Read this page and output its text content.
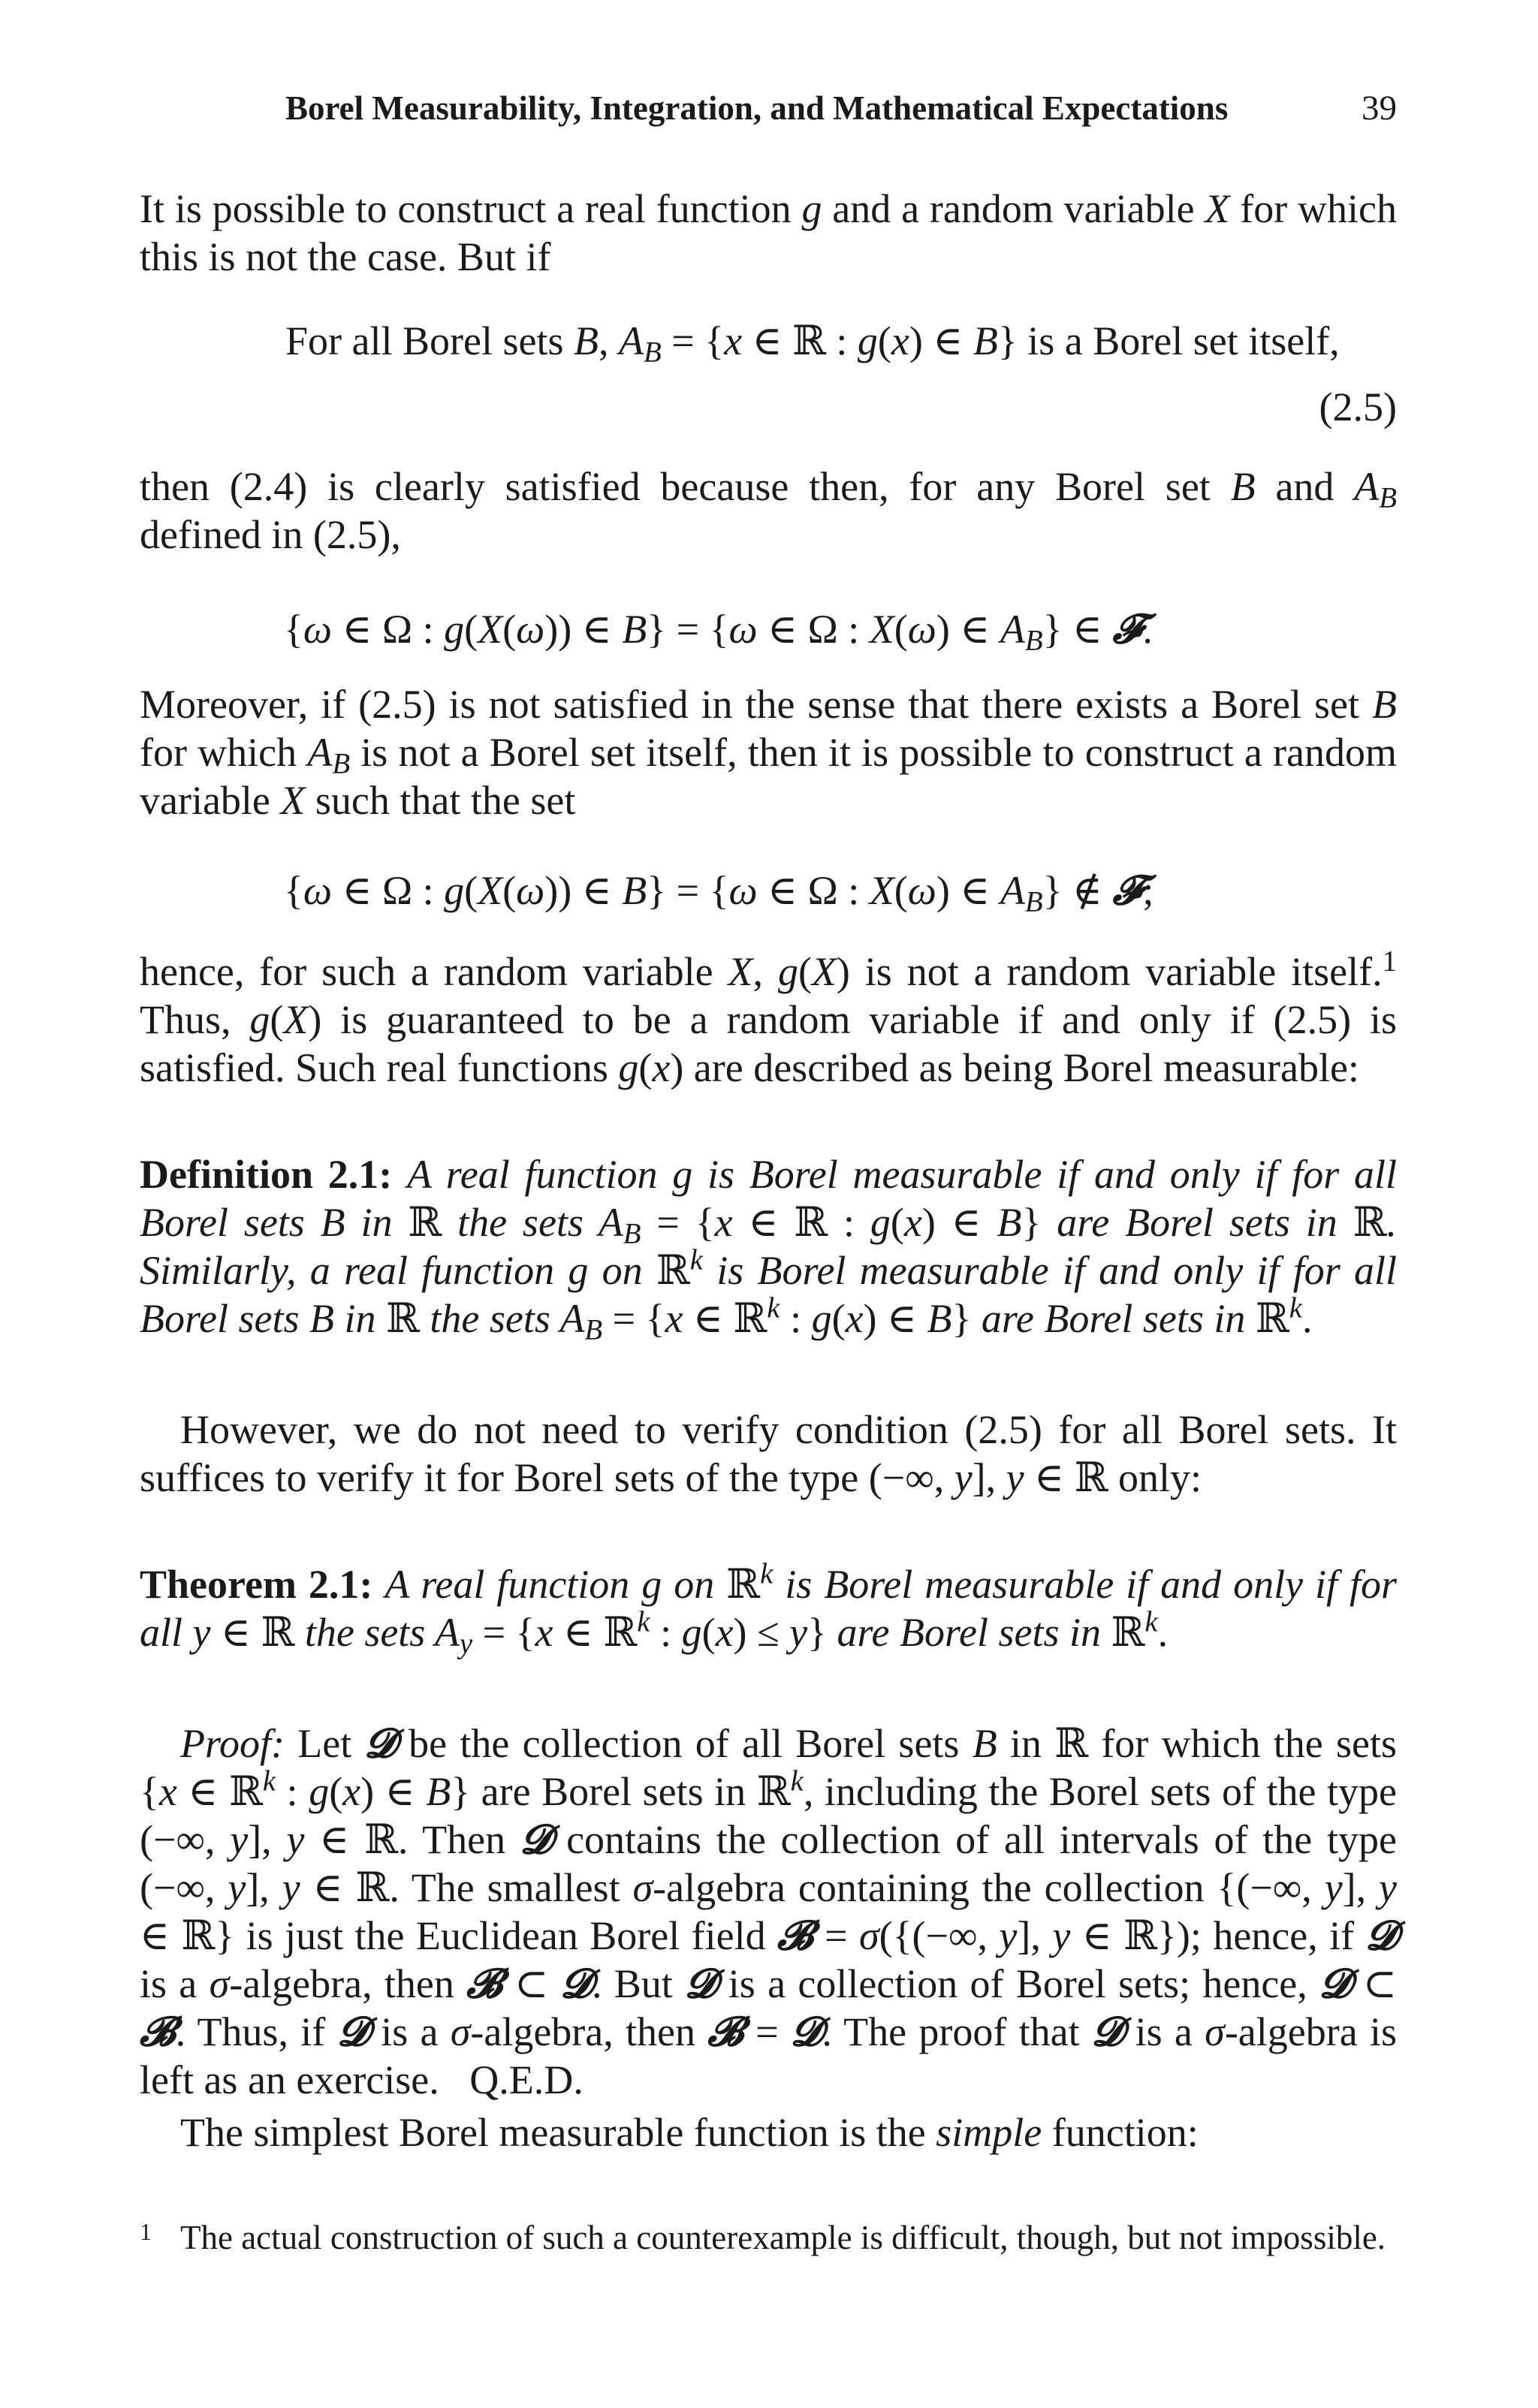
Borel Measurability, Integration, and Mathematical Expectations	39
It is possible to construct a real function g and a random variable X for which this is not the case. But if
For all Borel sets B, $A_B = \{x$ ∈ ℝ : g(x) ∈ B} is a Borel set itself,
(2.5)
then (2.4) is clearly satisfied because then, for any Borel set B and $A_B$ defined in (2.5),
{ω ∈ Ω : g(X(ω)) ∈ B} = {ω ∈ Ω : X(ω) ∈ $A_B$} ∈ 𝓕.
Moreover, if (2.5) is not satisfied in the sense that there exists a Borel set B for which $A_B$ is not a Borel set itself, then it is possible to construct a random variable X such that the set
{ω ∈ Ω : g(X(ω)) ∈ B} = {ω ∈ Ω : X(ω) ∈ $A_B$} ∉ 𝓕;
hence, for such a random variable X, g(X) is not a random variable itself.$^1$ Thus, g(X) is guaranteed to be a random variable if and only if (2.5) is satisfied. Such real functions g(x) are described as being Borel measurable:
Definition 2.1: A real function g is Borel measurable if and only if for all Borel sets B in ℝ the sets $A_B = \{x$ ∈ ℝ : g(x) ∈ B} are Borel sets in ℝ. Similarly, a real function g on ℝ$^k$ is Borel measurable if and only if for all Borel sets B in ℝ the sets $A_B = \{x$ ∈ ℝ$^k$ : g(x) ∈ B} are Borel sets in ℝ$^k$.
However, we do not need to verify condition (2.5) for all Borel sets. It suffices to verify it for Borel sets of the type (−∞, y], y ∈ ℝ only:
Theorem 2.1: A real function g on ℝ$^k$ is Borel measurable if and only if for all y ∈ ℝ the sets $A_y = \{x$ ∈ ℝ$^k$ : g(x) ≤ y} are Borel sets in ℝ$^k$.
Proof: Let 𝓓 be the collection of all Borel sets B in ℝ for which the sets {x ∈ ℝ$^k$ : g(x) ∈ B} are Borel sets in ℝ$^k$, including the Borel sets of the type (−∞, y], y ∈ ℝ. Then 𝓓 contains the collection of all intervals of the type (−∞, y], y ∈ ℝ. The smallest σ-algebra containing the collection {(−∞, y], y ∈ ℝ} is just the Euclidean Borel field 𝓑 = σ({(−∞, y], y ∈ ℝ}); hence, if 𝓓 is a σ-algebra, then 𝓑 ⊂ 𝓓. But 𝓓 is a collection of Borel sets; hence, 𝓓 ⊂ 𝓑. Thus, if 𝓓 is a σ-algebra, then 𝓑 = 𝓓. The proof that 𝓓 is a σ-algebra is left as an exercise.   Q.E.D.
The simplest Borel measurable function is the simple function:
1 The actual construction of such a counterexample is difficult, though, but not impossible.
